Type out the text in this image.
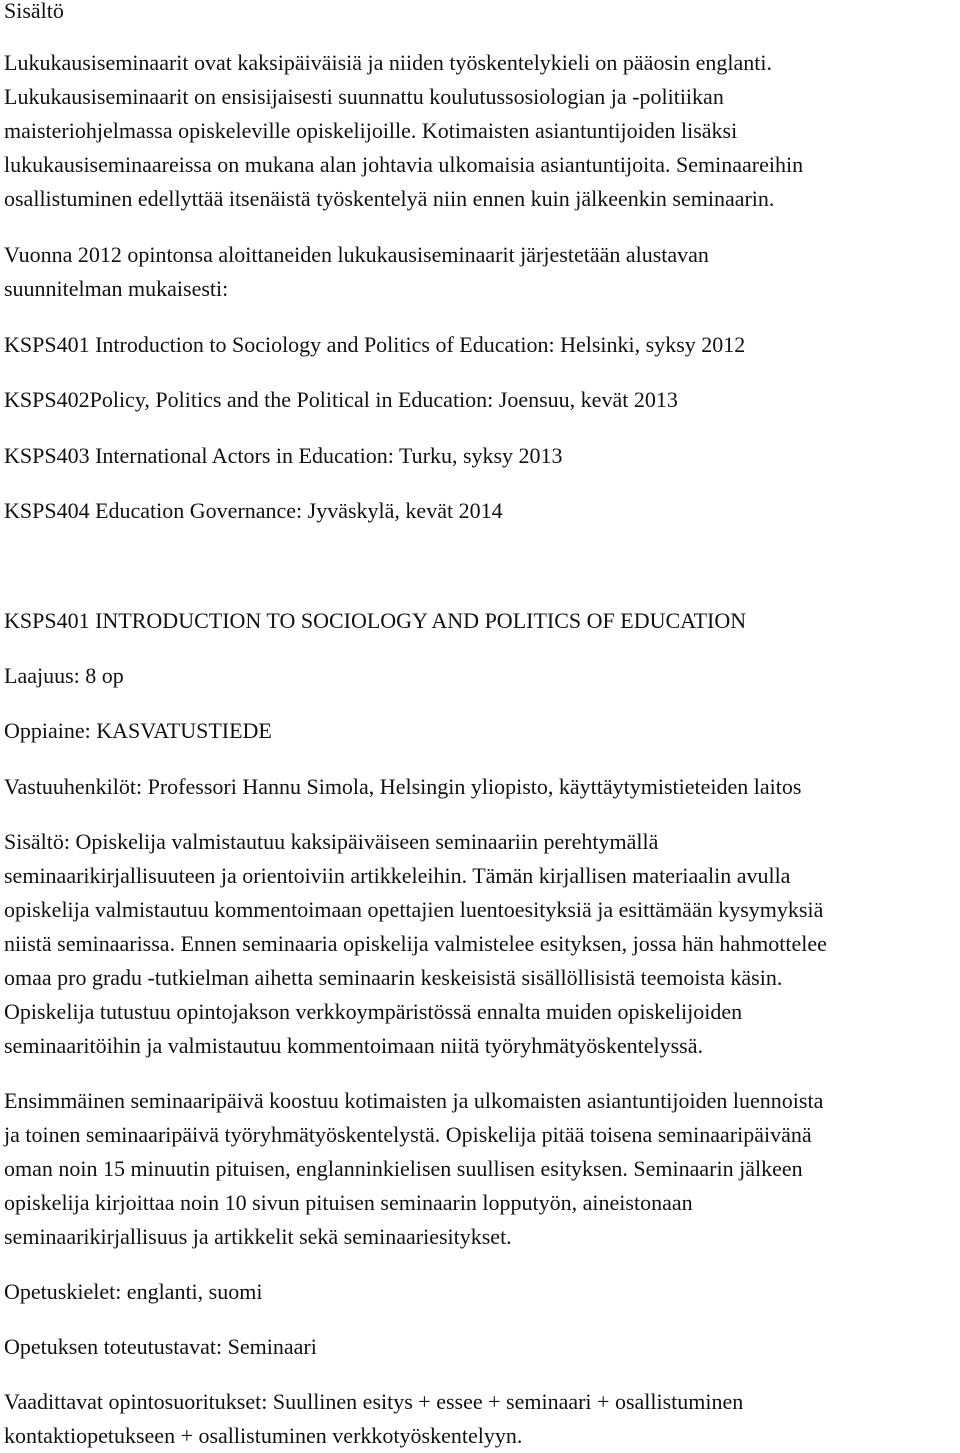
Sisältö

Lukukausiseminaarit ovat kaksipäiväisiä ja niiden työskentelykieli on pääosin englanti.
Lukukausiseminaarit on ensisijaisesti suunnattu koulutussosiologian ja -politiikan
maisteriohjelmassa opiskeleville opiskelijoille. Kotimaisten asiantuntijoiden lisäksi
lukukausiseminaareissa on mukana alan johtavia ulkomaisia asiantuntijoita. Seminaareihin
osallistuminen edellyttää itsenäistä työskentelyä niin ennen kuin jälkeenkin seminaarin.
Vuonna 2012 opintonsa aloittaneiden lukukausiseminaarit järjestetään alustavan
suunnitelman mukaisesti:

KSPS401 Introduction to Sociology and Politics of Education: Helsinki, syksy 2012

KSPS402Policy, Politics and the Political in Education: Joensuu, kevät 2013

KSPS403 International Actors in Education: Turku, syksy 2013

KSPS404 Education Governance: Jyväskylä, kevät 2014

KSPS401 INTRODUCTION TO SOCIOLOGY AND POLITICS OF EDUCATION

Laajuus: 8 op

Oppiaine: KASVATUSTIEDE

Vastuuhenkilöt: Professori Hannu Simola, Helsingin yliopisto, käyttäytymistieteiden laitos

Sisältö: Opiskelija valmistautuu kaksipäiväiseen seminaariin perehtymällä
seminaarikirjallisuuteen ja orientoiviin artikkeleihin. Tämän kirjallisen materiaalin avulla
opiskelija valmistautuu kommentoimaan opettajien luentoesityksiä ja esittämään kysymyksiä
niistä seminaarissa. Ennen seminaaria opiskelija valmistelee esityksen, jossa hän hahmottelee
omaa pro gradu -tutkielman aihetta seminaarin keskeisistä sisällöllisistä teemoista käsin.
Opiskelija tutustuu opintojakson verkkoympäristössä ennalta muiden opiskelijoiden
seminaaritöihin ja valmistautuu kommentoimaan niitä työryhmätyöskentelyssä.
Ensimmäinen seminaaripäivä koostuu kotimaisten ja ulkomaisten asiantuntijoiden luennoista
ja toinen seminaaripäivä työryhmätyöskentelystä. Opiskelija pitää toisena seminaaripäivänä
oman noin 15 minuutin pituisen, englanninkielisen suullisen esityksen. Seminaarin jälkeen
opiskelija kirjoittaa noin 10 sivun pituisen seminaarin lopputyön, aineistonaan
seminaarikirjallisuus ja artikkelit sekä seminaariesitykset.

Opetuskielet: englanti, suomi

Opetuksen toteutustavat: Seminaari

Vaadittavat opintosuoritukset: Suullinen esitys + essee + seminaari + osallistuminen
kontaktiopetukseen + osallistuminen verkkotyöskentelyyn.
